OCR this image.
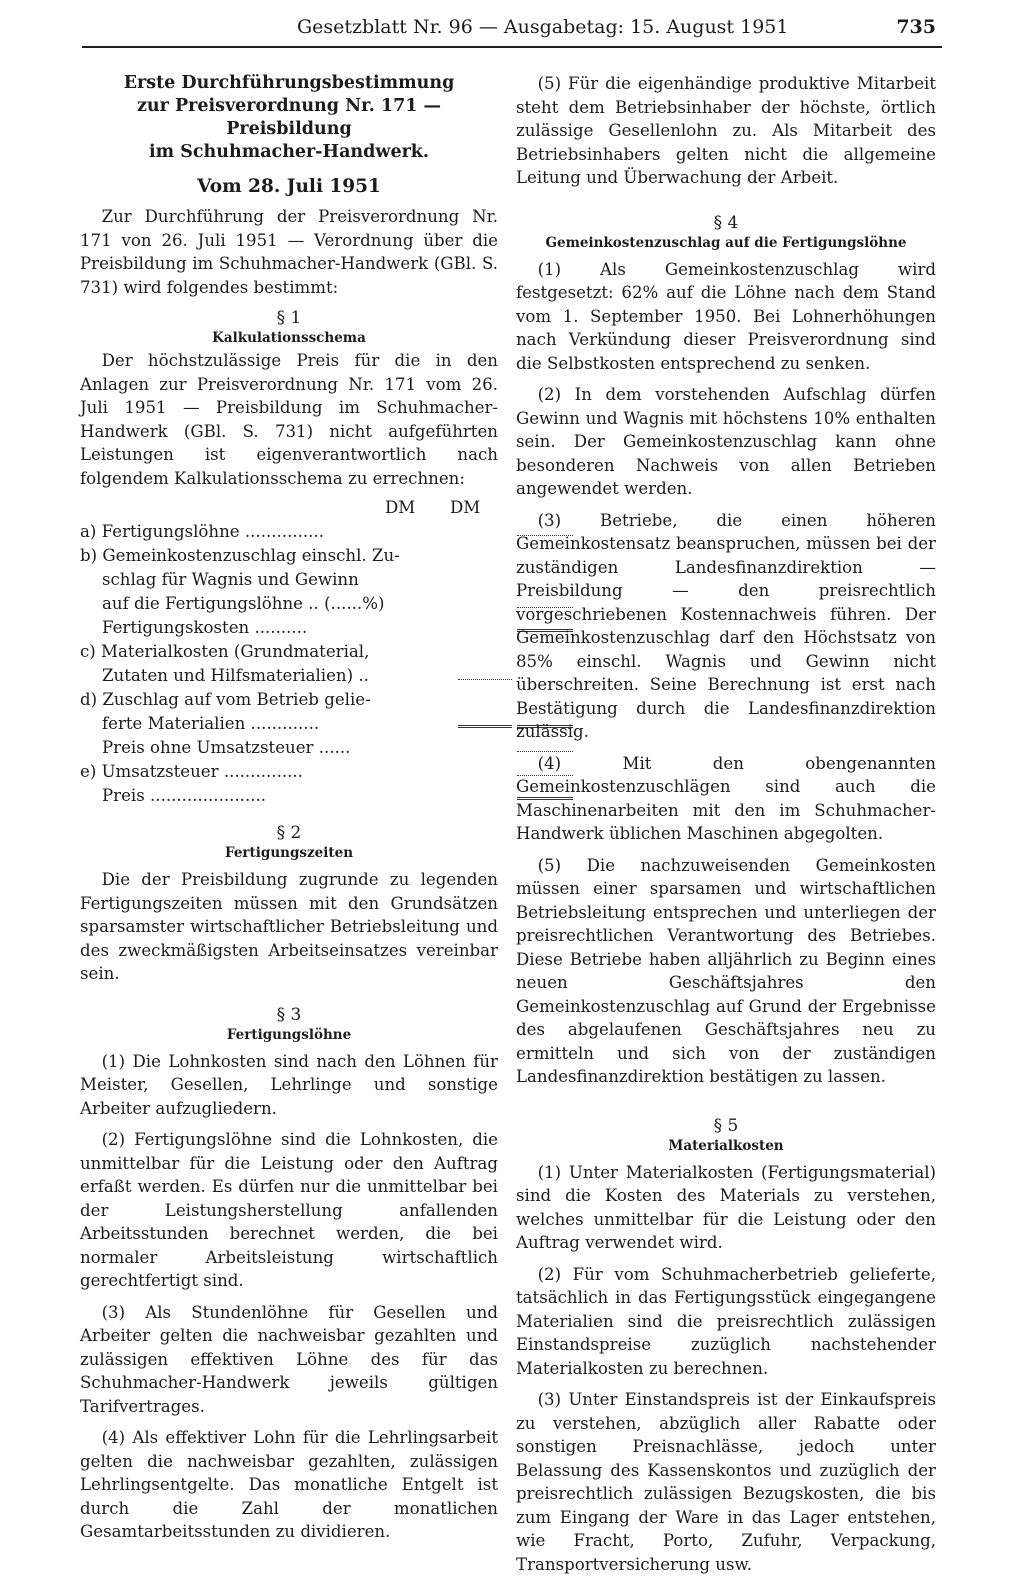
Gesetzblatt Nr. 96 — Ausgabetag: 15. August 1951	735
Erste Durchführungsbestimmung
zur Preisverordnung Nr. 171 — Preisbildung
im Schuhmacher-Handwerk.
Vom 28. Juli 1951

Zur Durchführung der Preisverordnung Nr. 171 von 26. Juli 1951 — Verordnung über die Preisbildung im Schuhmacher-Handwerk (GBl. S. 731) wird folgendes bestimmt:

§ 1
Kalkulationsschema

Der höchstzulässige Preis für die in den Anlagen zur Preisverordnung Nr. 171 vom 26. Juli 1951 — Preisbildung im Schuhmacher-Handwerk (GBl. S. 731) nicht aufgeführten Leistungen ist eigenverantwortlich nach folgendem Kalkulationsschema zu errechnen:

DM DM
a) Fertigungslöhne ...............
b) Gemeinkostenzuschlag einschl. Zu-
schlag für Wagnis und Gewinn
auf die Fertigungslöhne .. (......%)
Fertigungskosten ..........
c) Materialkosten (Grundmaterial,
Zutaten und Hilfsmaterialien) ..
d) Zuschlag auf vom Betrieb gelie-
ferte Materialien .............
Preis ohne Umsatzsteuer ......
e) Umsatzsteuer ...............
Preis ......................
§ 2
Fertigungszeiten

Die der Preisbildung zugrunde zu legenden Fertigungszeiten müssen mit den Grundsätzen sparsamster wirtschaftlicher Betriebsleitung und des zweckmäßigsten Arbeitseinsatzes vereinbar sein.

§ 3
Fertigungslöhne

(1) Die Lohnkosten sind nach den Löhnen für Meister, Gesellen, Lehrlinge und sonstige Arbeiter aufzugliedern.

(2) Fertigungslöhne sind die Lohnkosten, die unmittelbar für die Leistung oder den Auftrag erfaßt werden. Es dürfen nur die unmittelbar bei der Leistungsherstellung anfallenden Arbeitsstunden berechnet werden, die bei normaler Arbeitsleistung wirtschaftlich gerechtfertigt sind.

(3) Als Stundenlöhne für Gesellen und Arbeiter gelten die nachweisbar gezahlten und zulässigen effektiven Löhne des für das Schuhmacher-Handwerk jeweils gültigen Tarifvertrages.

(4) Als effektiver Lohn für die Lehrlingsarbeit gelten die nachweisbar gezahlten, zulässigen Lehrlingsentgelte. Das monatliche Entgelt ist durch die Zahl der monatlichen Gesamtarbeitsstunden zu dividieren.

(5) Für die eigenhändige produktive Mitarbeit steht dem Betriebsinhaber der höchste, örtlich zulässige Gesellenlohn zu. Als Mitarbeit des Betriebsinhabers gelten nicht die allgemeine Leitung und Überwachung der Arbeit.

§ 4
Gemeinkostenzuschlag auf die Fertigungslöhne

(1) Als Gemeinkostenzuschlag wird festgesetzt: 62% auf die Löhne nach dem Stand vom 1. September 1950. Bei Lohnerhöhungen nach Verkündung dieser Preisverordnung sind die Selbstkosten entsprechend zu senken.

(2) In dem vorstehenden Aufschlag dürfen Gewinn und Wagnis mit höchstens 10% enthalten sein. Der Gemeinkostenzuschlag kann ohne besonderen Nachweis von allen Betrieben angewendet werden.

(3) Betriebe, die einen höheren Gemeinkostensatz beanspruchen, müssen bei der zuständigen Landesfinanzdirektion — Preisbildung — den preisrechtlich vorgeschriebenen Kostennachweis führen. Der Gemeinkostenzuschlag darf den Höchstsatz von 85% einschl. Wagnis und Gewinn nicht überschreiten. Seine Berechnung ist erst nach Bestätigung durch die Landesfinanzdirektion zulässig.

(4) Mit den obengenannten Gemeinkostenzuschlägen sind auch die Maschinenarbeiten mit den im Schuhmacher-Handwerk üblichen Maschinen abgegolten.

(5) Die nachzuweisenden Gemeinkosten müssen einer sparsamen und wirtschaftlichen Betriebsleitung entsprechen und unterliegen der preisrechtlichen Verantwortung des Betriebes. Diese Betriebe haben alljährlich zu Beginn eines neuen Geschäftsjahres den Gemeinkostenzuschlag auf Grund der Ergebnisse des abgelaufenen Geschäftsjahres neu zu ermitteln und sich von der zuständigen Landesfinanzdirektion bestätigen zu lassen.

§ 5
Materialkosten

(1) Unter Materialkosten (Fertigungsmaterial) sind die Kosten des Materials zu verstehen, welches unmittelbar für die Leistung oder den Auftrag verwendet wird.

(2) Für vom Schuhmacherbetrieb gelieferte, tatsächlich in das Fertigungsstück eingegangene Materialien sind die preisrechtlich zulässigen Einstandspreise zuzüglich nachstehender Materialkosten zu berechnen.

(3) Unter Einstandspreis ist der Einkaufspreis zu verstehen, abzüglich aller Rabatte oder sonstigen Preisnachlässe, jedoch unter Belassung des Kassenskontos und zuzüglich der preisrechtlich zulässigen Bezugskosten, die bis zum Eingang der Ware in das Lager entstehen, wie Fracht, Porto, Zufuhr, Verpackung, Transportversicherung usw.
